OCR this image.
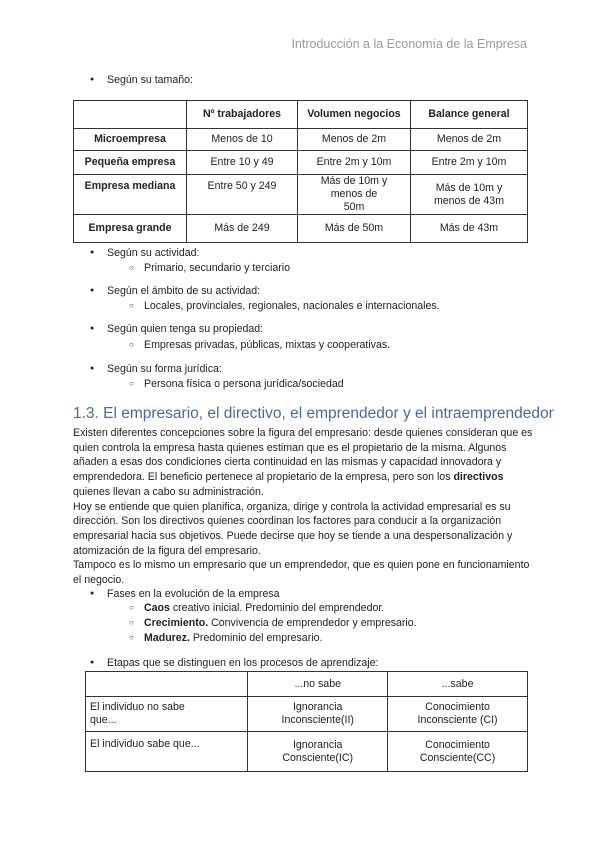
Introducción a la Economía de la Empresa
● Según su tamaño:
	Nº trabajadores	Volumen negocios	Balance general
Microempresa	Menos de 10	Menos de 2m	Menos de 2m
Pequeña empresa	Entre 10 y 49	Entre 2m y 10m	Entre 2m y 10m
Empresa mediana	Entre 50 y 249	Más de 10m y menos de 50m	Más de 10m y menos de 43m
Empresa grande	Más de 249	Más de 50m	Más de 43m
● Según su actividad:
○ Primario, secundario y terciario
● Según el ámbito de su actividad:
○ Locales, provinciales, regionales, nacionales e internacionales.
● Según quien tenga su propiedad:
○ Empresas privadas, públicas, mixtas y cooperativas.
● Según su forma jurídica:
○ Persona física o persona jurídica/sociedad
1.3. El empresario, el directivo, el emprendedor y el intraemprendedor

Existen diferentes concepciones sobre la figura del empresario: desde quienes consideran que es quien controla la empresa hasta quienes estiman que es el propietario de la misma. Algunos añaden a esas dos condiciones cierta continuidad en las mismas y capacidad innovadora y emprendedora. El beneficio pertenece al propietario de la empresa, pero son los directivos quienes llevan a cabo su administración.

Hoy se entiende que quien planifica, organiza, dirige y controla la actividad empresarial es su dirección. Son los directivos quienes coordinan los factores para conducir a la organización empresarial hacia sus objetivos. Puede decirse que hoy se tiende a una despersonalización y atomización de la figura del empresario.

Tampoco es lo mismo un empresario que un emprendedor, que es quien pone en funcionamiento el negocio.

● Fases en la evolución de la empresa
○ Caos creativo inicial. Predominio del emprendedor.
○ Crecimiento. Convivencia de emprendedor y empresario.
○ Madurez. Predominio del empresario.
● Etapas que se distinguen en los procesos de aprendizaje:
	...no sabe	...sabe
El individuo no sabe que...	Ignorancia Inconsciente(II)	Conocimiento Inconsciente (CI)
El individuo sabe que...	Ignorancia Consciente(IC)	Conocimiento Consciente(CC)
